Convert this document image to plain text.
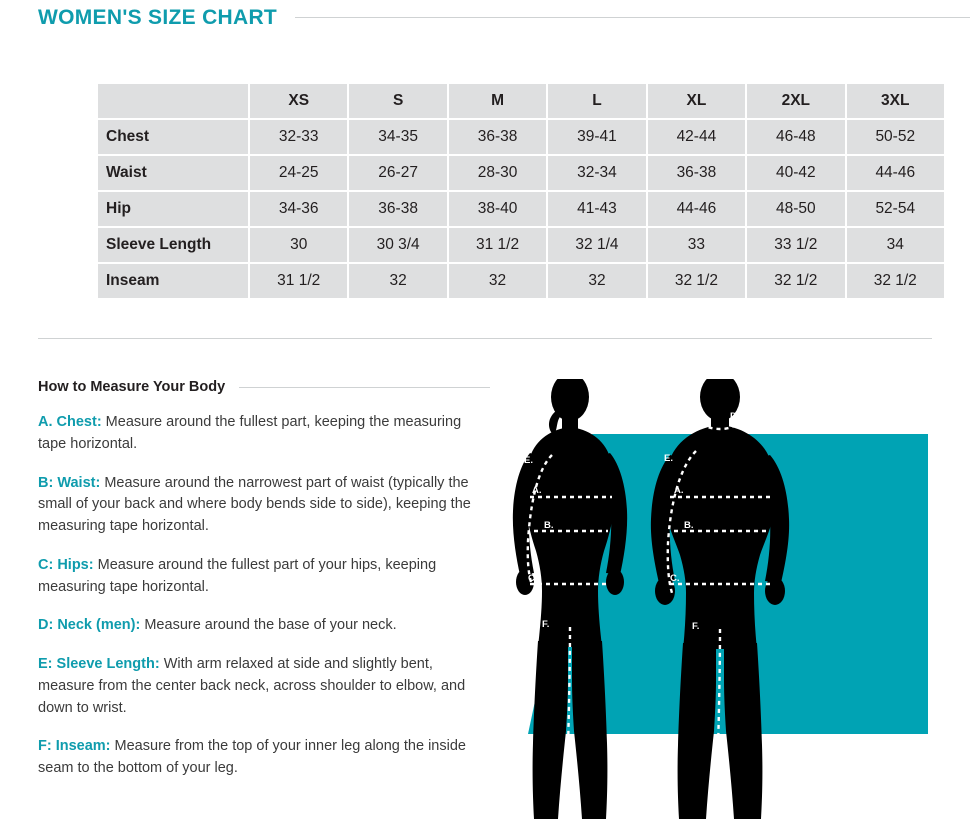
WOMEN'S SIZE CHART
	XS	S	M	L	XL	2XL	3XL
Chest	32-33	34-35	36-38	39-41	42-44	46-48	50-52
Waist	24-25	26-27	28-30	32-34	36-38	40-42	44-46
Hip	34-36	36-38	38-40	41-43	44-46	48-50	52-54
Sleeve Length	30	30 3/4	31 1/2	32 1/4	33	33 1/2	34
Inseam	31 1/2	32	32	32	32 1/2	32 1/2	32 1/2
How to Measure Your Body
A. Chest: Measure around the fullest part, keeping the measuring tape horizontal.
B: Waist: Measure around the narrowest part of waist (typically the small of your back and where body bends side to side), keeping the measuring tape horizontal.
C: Hips: Measure around the fullest part of your hips, keeping measuring tape horizontal.
D: Neck (men): Measure around the base of your neck.
E: Sleeve Length: With arm relaxed at side and slightly bent, measure from the center back neck, across shoulder to elbow, and down to wrist.
F: Inseam: Measure from the top of your inner leg along the inside seam to the bottom of your leg.
E.
A.
B.
C.
F.
D.
E.
A.
B.
C.
F.
